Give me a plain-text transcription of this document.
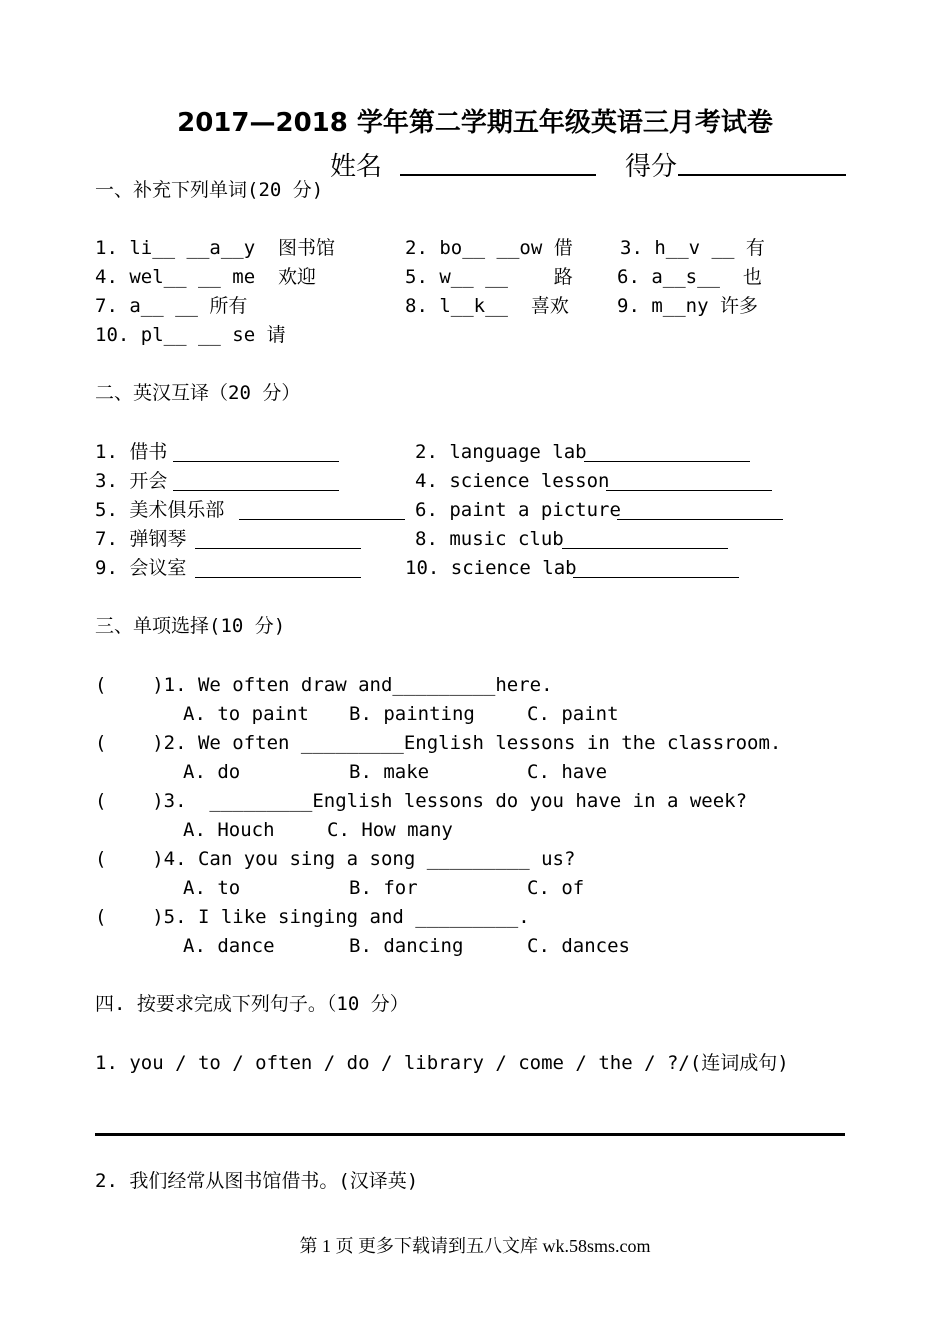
2017—2018 学年第二学期五年级英语三月考试卷
姓名	得分
一、补充下列单词(20 分)
1. li__ __a__y  图书馆	2. bo__ __ow 借 3. h__v __ 有
4. wel__ __ me  欢迎	5. w__ __    路 6. a__s__  也
7. a__ __ 所有	8. l__k__  喜欢	9. m__ny 许多
10. pl__ __ se 请
二、英汉互译（20 分）
1. 借书	2. language lab
3. 开会	4. science lesson
5. 美术俱乐部	6. paint a picture
7. 弹钢琴	8. music club
9. 会议室	10. science lab
三、单项选择(10 分)
(    )1. We often draw and_________here.
A. to paint B. painting	C. paint
(    )2. We often _________English lessons in the classroom.
A. do	B. make	C. have
(    )3.  _________English lessons do you have in a week?
A. Houch	C. How many
(    )4. Can you sing a song _________ us?
A. to	B. for	C. of
(    )5. I like singing and _________.
A. dance	B. dancing	C. dances
四. 按要求完成下列句子。（10 分）
1. you / to / often / do / library / come / the / ?/(连词成句)
2. 我们经常从图书馆借书。(汉译英)
第 1 页 更多下载请到五八文库 wk.58sms.com
